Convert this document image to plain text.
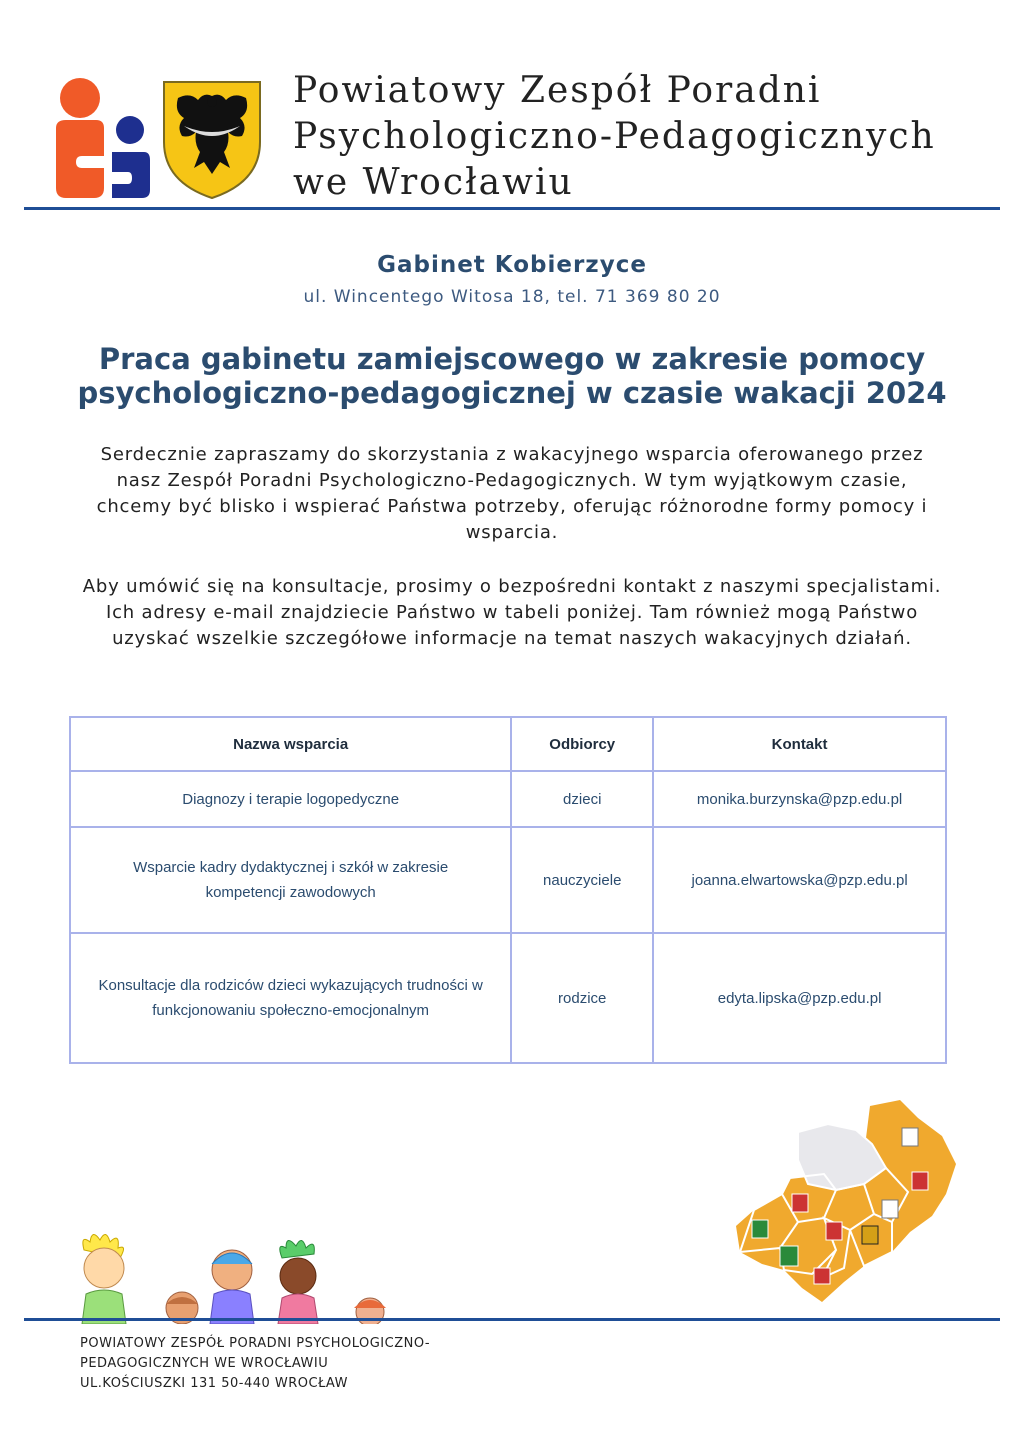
Powiatowy Zespół Poradni
Psychologiczno-Pedagogicznych
we Wrocławiu
Gabinet Kobierzyce
ul. Wincentego Witosa 18, tel. 71 369 80 20
Praca gabinetu zamiejscowego w zakresie pomocy
psychologiczno-pedagogicznej w czasie wakacji 2024
Serdecznie zapraszamy do skorzystania z wakacyjnego wsparcia oferowanego przez nasz Zespół Poradni Psychologiczno-Pedagogicznych. W tym wyjątkowym czasie, chcemy być blisko i wspierać Państwa potrzeby, oferując różnorodne formy pomocy i wsparcia.
Aby umówić się na konsultacje, prosimy o bezpośredni kontakt z naszymi specjalistami. Ich adresy e-mail znajdziecie Państwo w tabeli poniżej. Tam również mogą Państwo uzyskać wszelkie szczegółowe informacje na temat naszych wakacyjnych działań.
Nazwa wsparcia	Odbiorcy	Kontakt
Diagnozy i terapie logopedyczne	dzieci	monika.burzynska@pzp.edu.pl
Wsparcie kadry dydaktycznej i szkół w zakresie kompetencji zawodowych	nauczyciele	joanna.elwartowska@pzp.edu.pl
Konsultacje dla rodziców dzieci wykazujących trudności w funkcjonowaniu społeczno-emocjonalnym	rodzice	edyta.lipska@pzp.edu.pl
POWIATOWY ZESPÓŁ PORADNI PSYCHOLOGICZNO-
PEDAGOGICZNYCH WE WROCŁAWIU
UL.KOŚCIUSZKI 131 50-440 WROCŁAW
